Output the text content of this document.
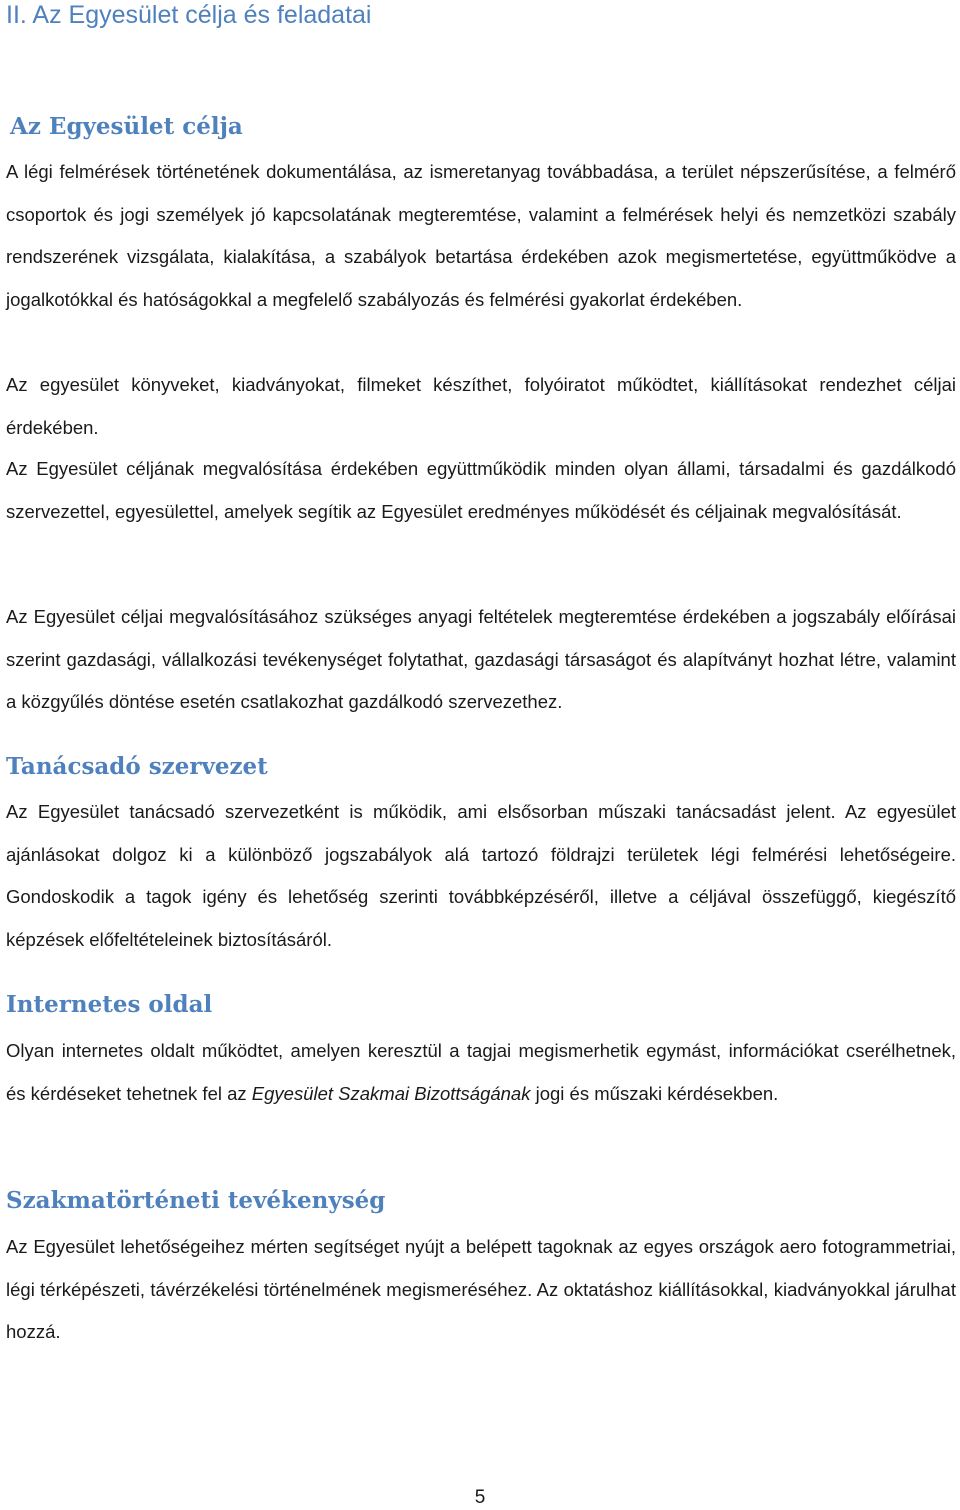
II. Az Egyesület célja és feladatai
Az Egyesület célja

A légi felmérések történetének dokumentálása, az ismeretanyag továbbadása, a terület népszerűsítése, a felmérő csoportok és jogi személyek jó kapcsolatának megteremtése, valamint a felmérések helyi és nemzetközi szabály rendszerének vizsgálata, kialakítása, a szabályok betartása érdekében azok megismertetése, együttműködve a jogalkotókkal és hatóságokkal a megfelelő szabályozás és felmérési gyakorlat érdekében.

Az egyesület könyveket, kiadványokat, filmeket készíthet, folyóiratot működtet, kiállításokat rendezhet céljai érdekében.

Az Egyesület céljának megvalósítása érdekében együttműködik minden olyan állami, társadalmi és gazdálkodó szervezettel, egyesülettel, amelyek segítik az Egyesület eredményes működését és céljainak megvalósítását.

Az Egyesület céljai megvalósításához szükséges anyagi feltételek megteremtése érdekében a jogszabály előírásai szerint gazdasági, vállalkozási tevékenységet folytathat, gazdasági társaságot és alapítványt hozhat létre, valamint a közgyűlés döntése esetén csatlakozhat gazdálkodó szervezethez.

Tanácsadó szervezet

Az Egyesület tanácsadó szervezetként is működik, ami elsősorban műszaki tanácsadást jelent. Az egyesület ajánlásokat dolgoz ki a különböző jogszabályok alá tartozó földrajzi területek légi felmérési lehetőségeire. Gondoskodik a tagok igény és lehetőség szerinti továbbképzéséről, illetve a céljával összefüggő, kiegészítő képzések előfeltételeinek biztosításáról.

Internetes oldal

Olyan internetes oldalt működtet, amelyen keresztül a tagjai megismerhetik egymást, információkat cserélhetnek, és kérdéseket tehetnek fel az Egyesület Szakmai Bizottságának jogi és műszaki kérdésekben.

Szakmatörténeti tevékenység

Az Egyesület lehetőségeihez mérten segítséget nyújt a belépett tagoknak az egyes országok aero fotogrammetriai, légi térképészeti, távérzékelési történelmének megismeréséhez. Az oktatáshoz kiállításokkal, kiadványokkal járulhat hozzá.

5
